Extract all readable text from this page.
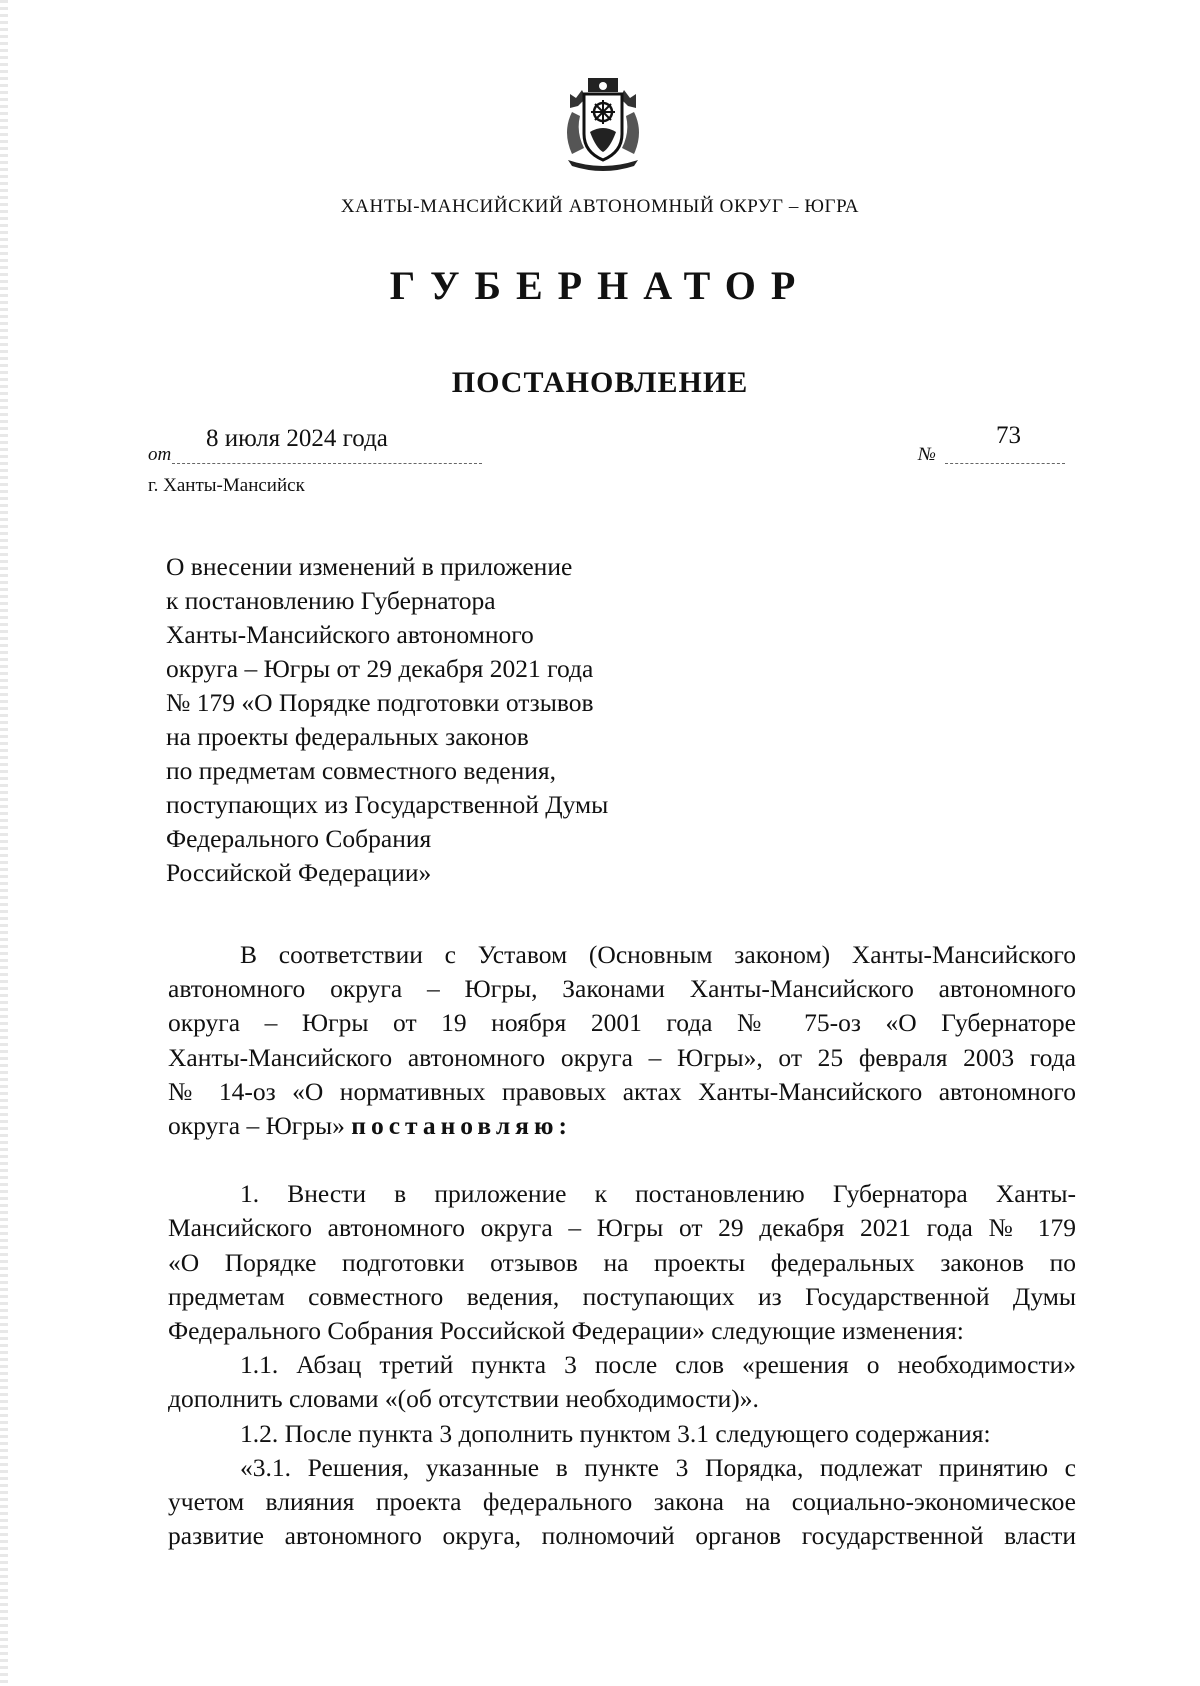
ХАНТЫ-МАНСИЙСКИЙ АВТОНОМНЫЙ ОКРУГ – ЮГРА
ГУБЕРНАТОР
ПОСТАНОВЛЕНИЕ
от
8 июля 2024 года
№
73
г. Ханты-Мансийск
О внесении изменений в приложение
к постановлению Губернатора
Ханты-Мансийского автономного
округа – Югры от 29 декабря 2021 года
№ 179 «О Порядке подготовки отзывов
на проекты федеральных законов
по предметам совместного ведения,
поступающих из Государственной Думы
Федерального Собрания
Российской Федерации»

В соответствии с Уставом (Основным законом) Ханты-Мансийского

автономного округа – Югры, Законами Ханты-Мансийского автономного

округа – Югры от 19 ноября 2001 года № 75-оз «О Губернаторе

Ханты-Мансийского автономного округа – Югры», от 25 февраля 2003 года

№ 14-оз «О нормативных правовых актах Ханты-Мансийского автономного

округа – Югры» постановляю:

1. Внести в приложение к постановлению Губернатора Ханты-

Мансийского автономного округа – Югры от 29 декабря 2021 года № 179

«О Порядке подготовки отзывов на проекты федеральных законов по

предметам совместного ведения, поступающих из Государственной Думы

Федерального Собрания Российской Федерации» следующие изменения:

1.1. Абзац третий пункта 3 после слов «решения о необходимости»

дополнить словами «(об отсутствии необходимости)».

1.2. После пункта 3 дополнить пунктом 3.1 следующего содержания:

«3.1. Решения, указанные в пункте 3 Порядка, подлежат принятию с

учетом влияния проекта федерального закона на социально-экономическое

развитие автономного округа, полномочий органов государственной власти
